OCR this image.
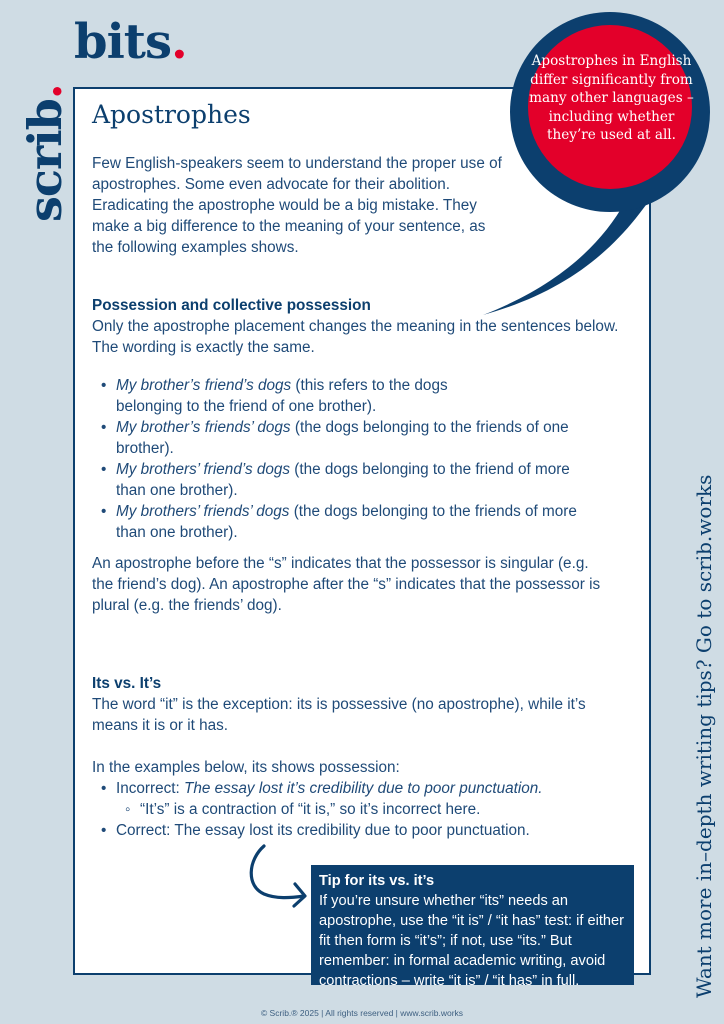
bits.
scrib.
Apostrophes

Few English-speakers seem to understand the proper use of apostrophes. Some even advocate for their abolition.

Eradicating the apostrophe would be a big mistake. They make a big difference to the meaning of your sentence, as the following examples shows.

Possession and collective possession
Only the apostrophe placement changes the meaning in the sentences below. The wording is exactly the same.
• My brother’s friend’s dogs (this refers to the dogs belonging to the friend of one brother).
• My brother’s friends’ dogs (the dogs belonging to the friends of one brother).
• My brothers’ friend’s dogs (the dogs belonging to the friend of more than one brother).
• My brothers’ friends’ dogs (the dogs belonging to the friends of more than one brother).

An apostrophe before the “s” indicates that the possessor is singular (e.g. the friend’s dog). An apostrophe after the “s” indicates that the possessor is plural (e.g. the friends’ dog).

Its vs. It’s
The word “it” is the exception: its is possessive (no apostrophe), while it’s means it is or it has.
In the examples below, its shows possession:
• Incorrect: The essay lost it’s credibility due to poor punctuation.
◦ “It’s” is a contraction of “it is,” so it’s incorrect here.
• Correct: The essay lost its credibility due to poor punctuation.
Tip for its vs. it’s
If you’re unsure whether “its” needs an apostrophe, use the “it is” / “it has” test: if either fit then form is “it’s”; if not, use “its.” But remember: in formal academic writing, avoid contractions – write “it is” / “it has” in full.
Apostrophes in English differ significantly from many other languages – including whether they’re used at all.
Want more in–depth writing tips? Go to scrib.works
© Scrib.® 2025 | All rights reserved | www.scrib.works
